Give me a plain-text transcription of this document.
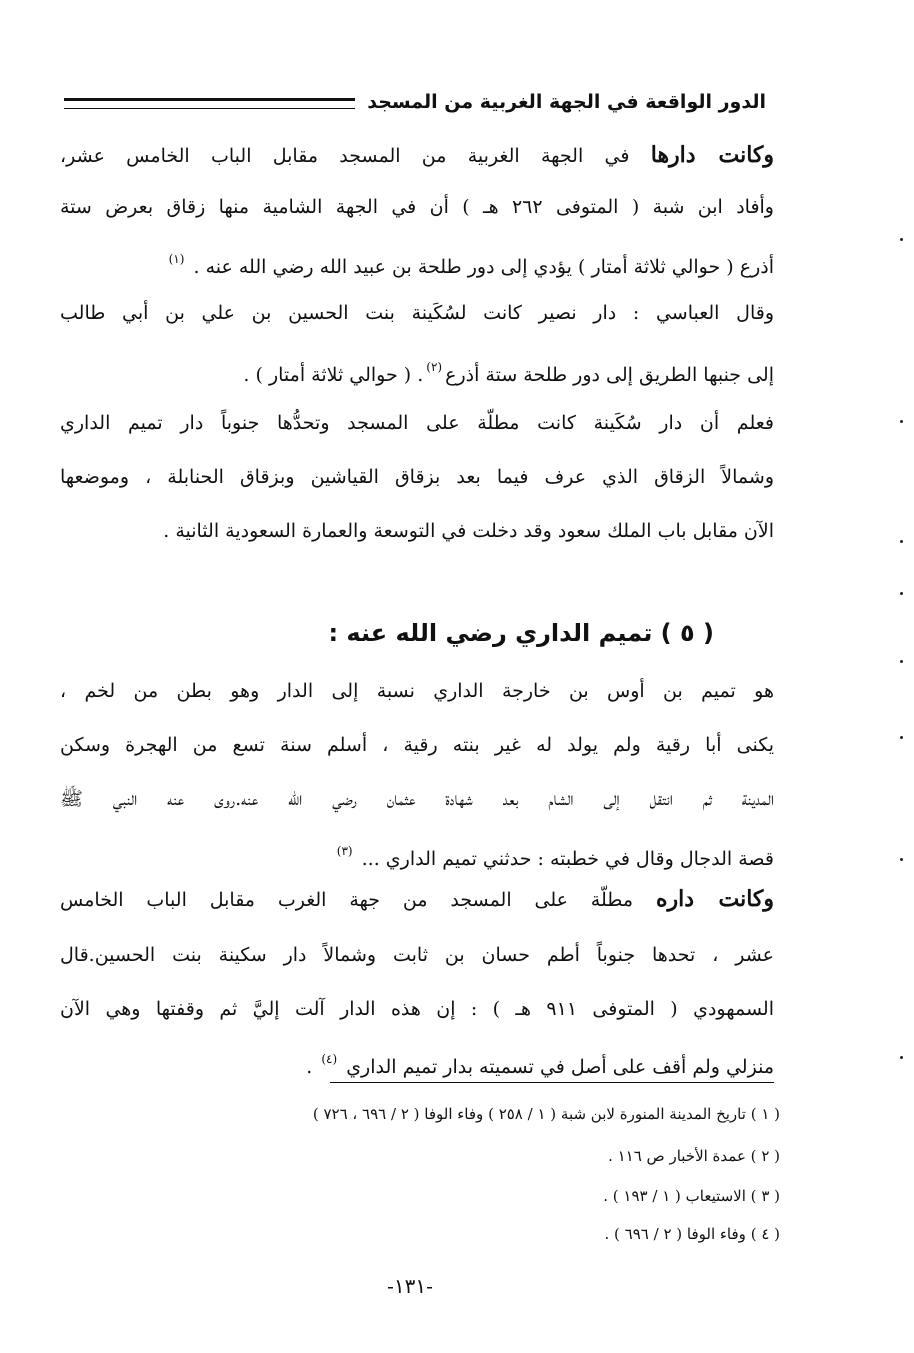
الدور الواقعة في الجهة الغربية من المسجد
وكانت دارها في الجهة الغربية من المسجد مقابل الباب الخامس عشر،
وأفاد ابن شبة ( المتوفى ٢٦٢ هـ ) أن في الجهة الشامية منها زقاق بعرض ستة
أذرع ( حوالي ثلاثة أمتار ) يؤدي إلى دور طلحة بن عبيد الله رضي الله عنه . $^{(١)}$
وقال العباسي : دار نصير كانت لسُكَينة بنت الحسين بن علي بن أبي طالب
إلى جنبها الطريق إلى دور طلحة ستة أذرع$^{(٢)}$. ( حوالي ثلاثة أمتار ) .
فعلم أن دار سُكَينة كانت مطلّة على المسجد وتحدُّها جنوباً دار تميم الداري
وشمالاً الزقاق الذي عرف فيما بعد بزقاق القياشين وبزقاق الحنابلة ، وموضعها
الآن مقابل باب الملك سعود وقد دخلت في التوسعة والعمارة السعودية الثانية .
( ٥ ) تميم الداري رضي الله عنه :
هو تميم بن أوس بن خارجة الداري نسبة إلى الدار وهو بطن من لخم ،
يكنى أبا رقية ولم يولد له غير بنته رقية ، أسلم سنة تسع من الهجرة وسكن
المدينة ثم انتقل إلى الشام بعد شهادة عثمان رضي الله عنه.روى عنه النبي ﷺ
قصة الدجال وقال في خطبته : حدثني تميم الداري ... $^{(٣)}$
وكانت داره مطلّة على المسجد من جهة الغرب مقابل الباب الخامس
عشر ، تحدها جنوباً أطم حسان بن ثابت وشمالاً دار سكينة بنت الحسين.قال
السمهودي ( المتوفى ٩١١ هـ ) : إن هذه الدار آلت إليَّ ثم وقفتها وهي الآن
منزلي ولم أقف على أصل في تسميته بدار تميم الداري $^{(٤)}$ .
( ١ ) تاريخ المدينة المنورة لابن شبة ( ١ / ٢٥٨ ) وفاء الوفا ( ٢ / ٦٩٦ ، ٧٢٦ )
( ٢ ) عمدة الأخبار ص ١١٦ .
( ٣ ) الاستيعاب ( ١ / ١٩٣ ) .
( ٤ ) وفاء الوفا ( ٢ / ٦٩٦ ) .
-١٣١-
